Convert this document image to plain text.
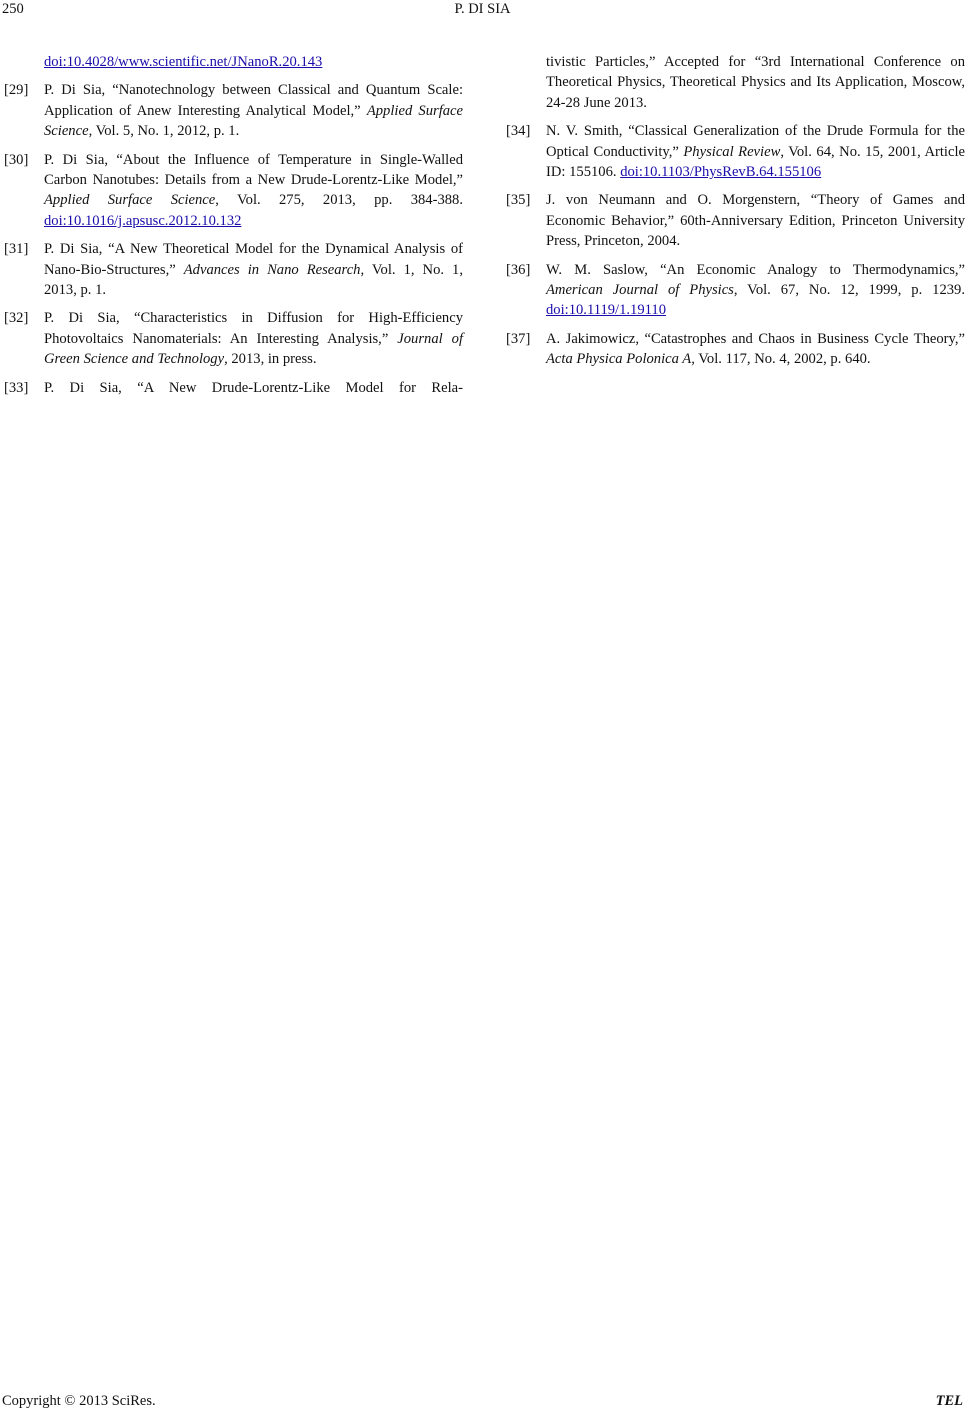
250	P. DI SIA
doi:10.4028/www.scientific.net/JNanoR.20.143
[29] P. Di Sia, “Nanotechnology between Classical and Quantum Scale: Application of Anew Interesting Analytical Model,” Applied Surface Science, Vol. 5, No. 1, 2012, p. 1.
[30] P. Di Sia, “About the Influence of Temperature in Single-Walled Carbon Nanotubes: Details from a New Drude-Lorentz-Like Model,” Applied Surface Science, Vol. 275, 2013, pp. 384-388. doi:10.1016/j.apsusc.2012.10.132
[31] P. Di Sia, “A New Theoretical Model for the Dynamical Analysis of Nano-Bio-Structures,” Advances in Nano Research, Vol. 1, No. 1, 2013, p. 1.
[32] P. Di Sia, “Characteristics in Diffusion for High-Efficiency Photovoltaics Nanomaterials: An Interesting Analysis,” Journal of Green Science and Technology, 2013, in press.
[33] P. Di Sia, “A New Drude-Lorentz-Like Model for Rela-
tivistic Particles,” Accepted for “3rd International Conference on Theoretical Physics, Theoretical Physics and Its Application, Moscow, 24-28 June 2013.
[34] N. V. Smith, “Classical Generalization of the Drude Formula for the Optical Conductivity,” Physical Review, Vol. 64, No. 15, 2001, Article ID: 155106. doi:10.1103/PhysRevB.64.155106
[35] J. von Neumann and O. Morgenstern, “Theory of Games and Economic Behavior,” 60th-Anniversary Edition, Princeton University Press, Princeton, 2004.
[36] W. M. Saslow, “An Economic Analogy to Thermodynamics,” American Journal of Physics, Vol. 67, No. 12, 1999, p. 1239. doi:10.1119/1.19110
[37] A. Jakimowicz, “Catastrophes and Chaos in Business Cycle Theory,” Acta Physica Polonica A, Vol. 117, No. 4, 2002, p. 640.
Copyright © 2013 SciRes.	TEL
